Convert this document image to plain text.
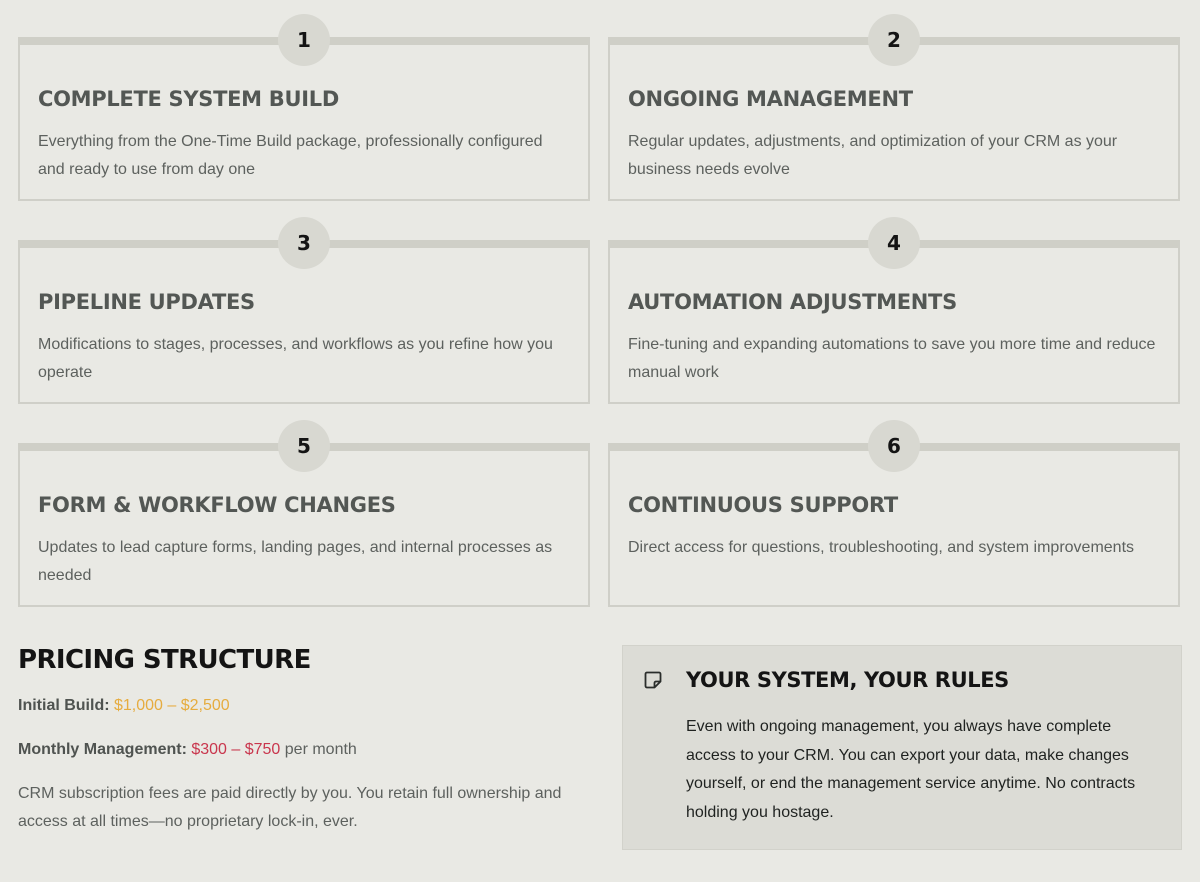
1
COMPLETE SYSTEM BUILD

Everything from the One-Time Build package, professionally configured and ready to use from day one

2
ONGOING MANAGEMENT

Regular updates, adjustments, and optimization of your CRM as your business needs evolve

3
PIPELINE UPDATES

Modifications to stages, processes, and workflows as you refine how you operate

4
AUTOMATION ADJUSTMENTS

Fine-tuning and expanding automations to save you more time and reduce manual work

5
FORM & WORKFLOW CHANGES

Updates to lead capture forms, landing pages, and internal processes as needed

6
CONTINUOUS SUPPORT

Direct access for questions, troubleshooting, and system improvements

PRICING STRUCTURE

Initial Build: $1,000 – $2,500

Monthly Management: $300 – $750 per month

CRM subscription fees are paid directly by you. You retain full ownership and access at all times—no proprietary lock-in, ever.

YOUR SYSTEM, YOUR RULES

Even with ongoing management, you always have complete access to your CRM. You can export your data, make changes yourself, or end the management service anytime. No contracts holding you hostage.
